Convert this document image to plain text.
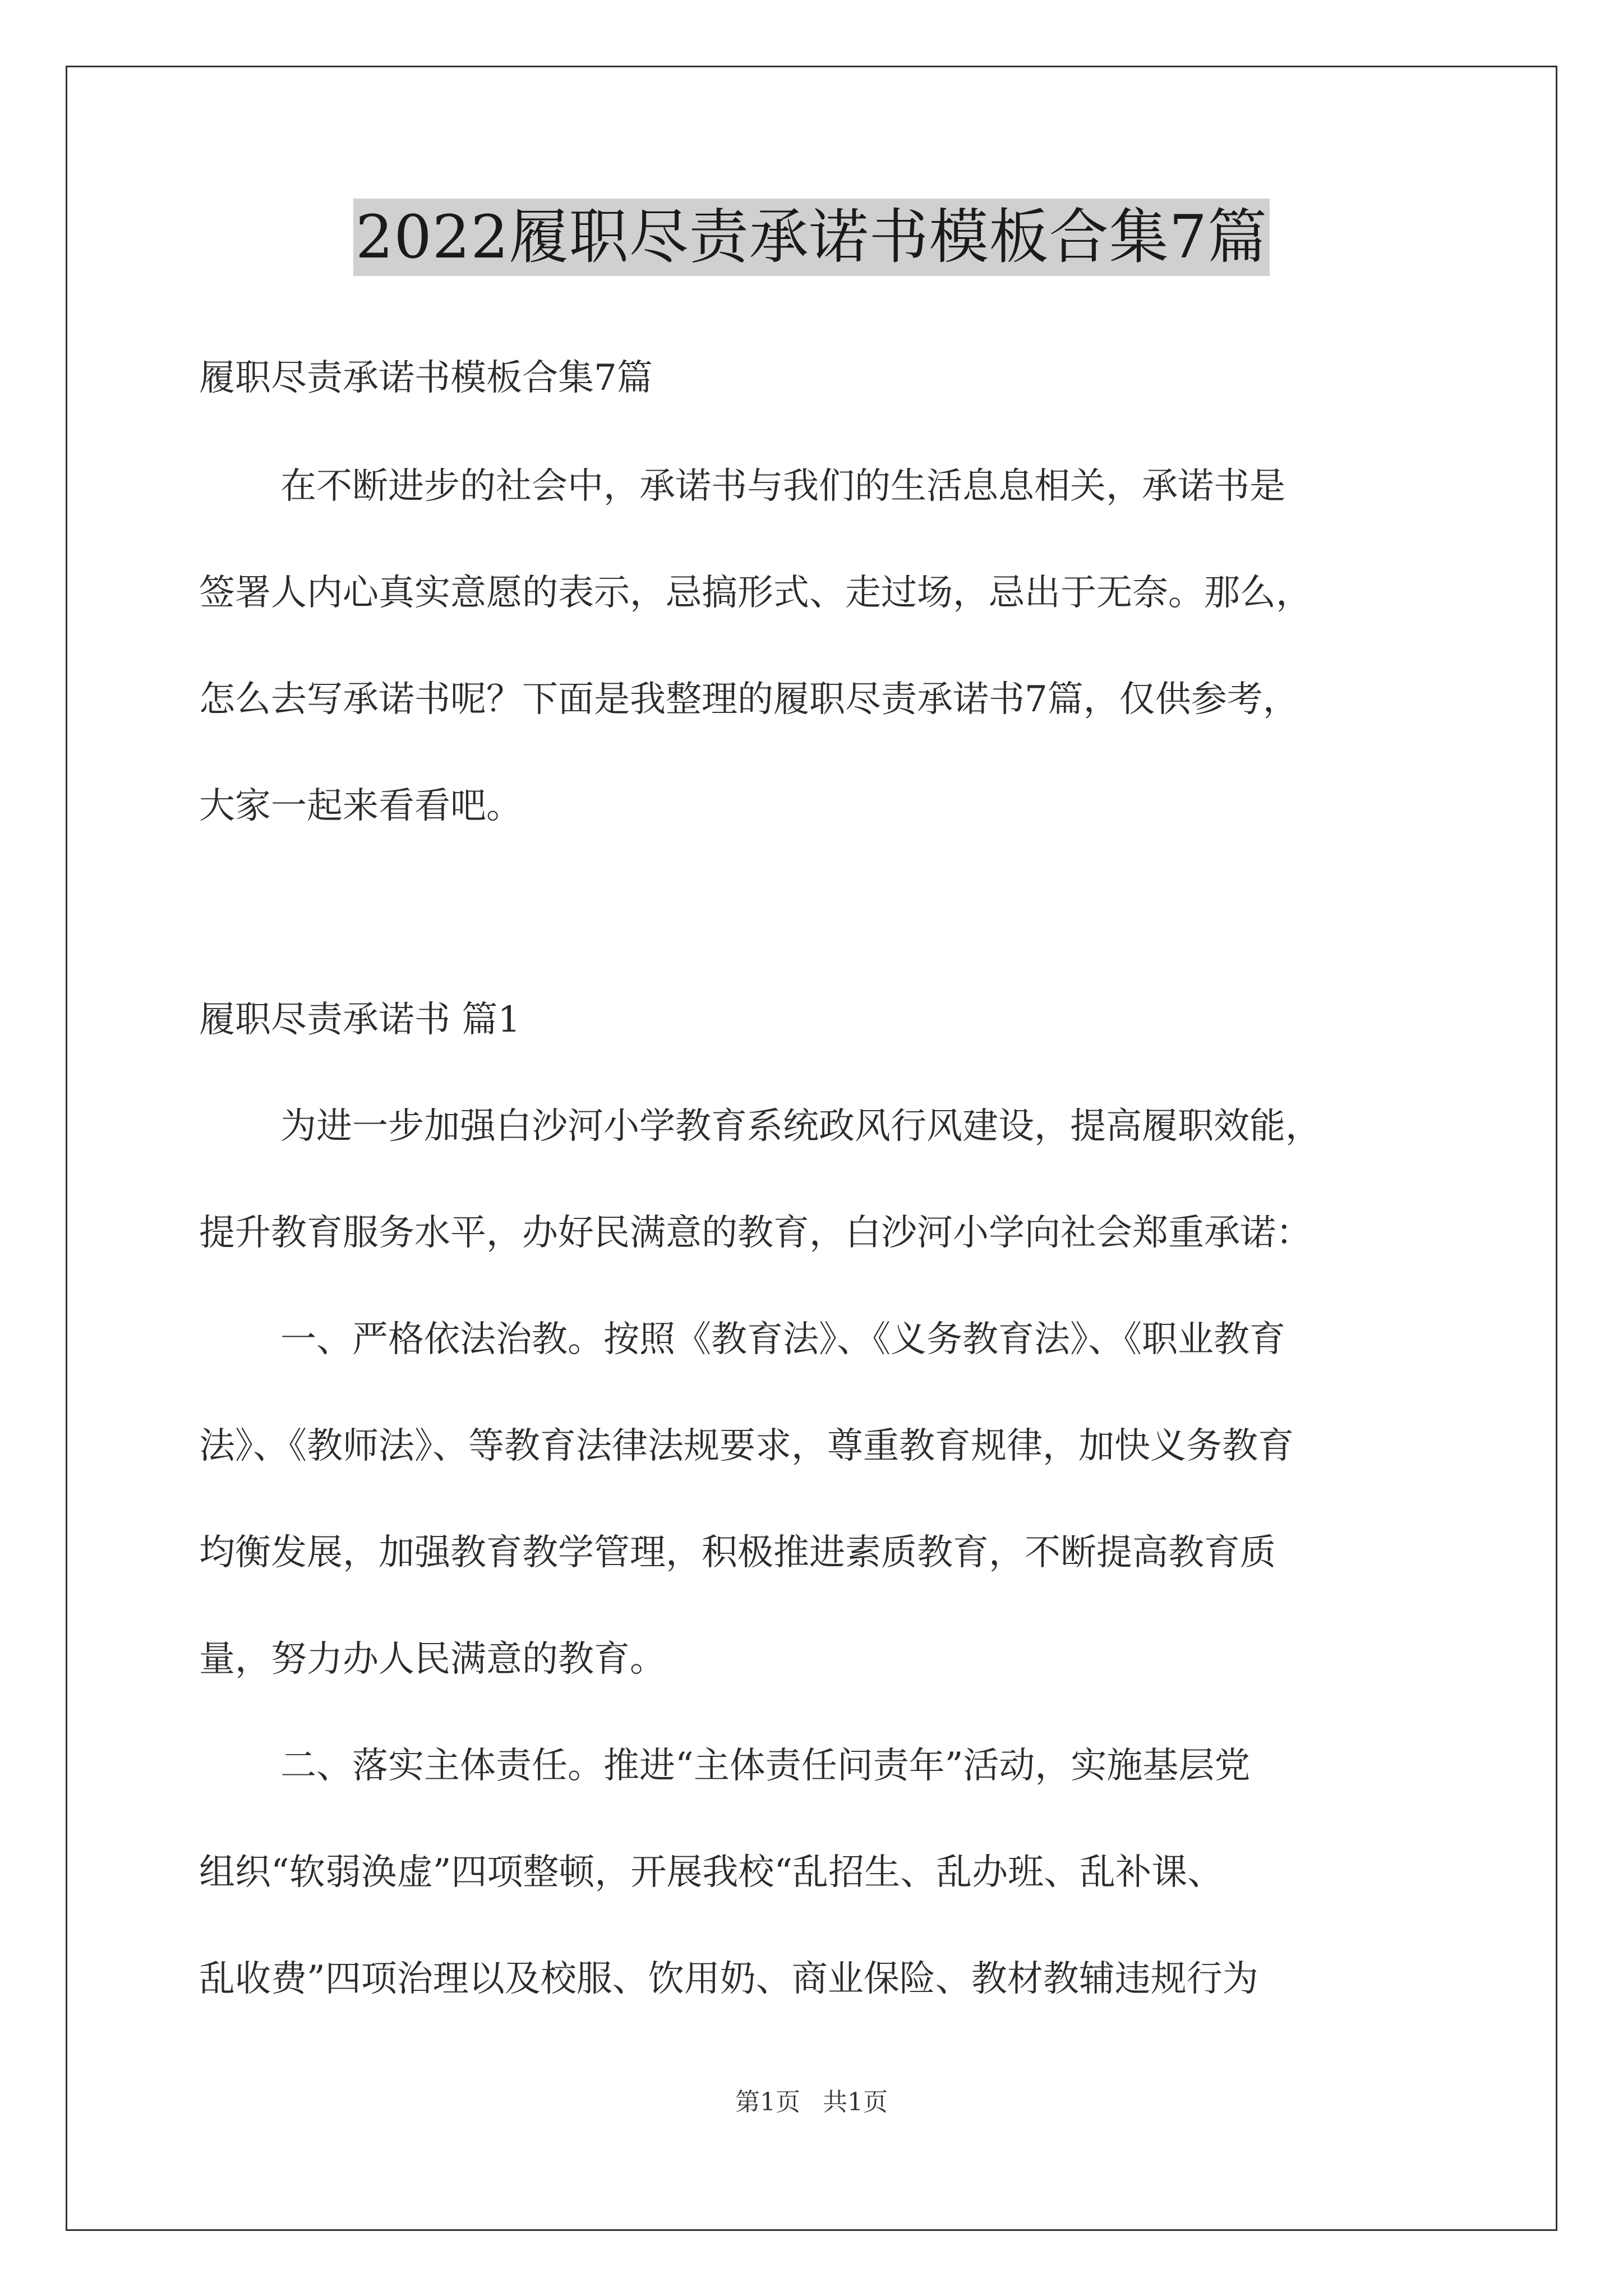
2022履职尽责承诺书模板合集7篇
履职尽责承诺书模板合集7篇
在不断进步的社会中，承诺书与我们的生活息息相关，承诺书是
签署人内心真实意愿的表示，忌搞形式、走过场，忌出于无奈。那么，
怎么去写承诺书呢？下面是我整理的履职尽责承诺书7篇，仅供参考，
大家一起来看看吧。
履职尽责承诺书 篇1
为进一步加强白沙河小学教育系统政风行风建设，提高履职效能，
提升教育服务水平，办好民满意的教育，白沙河小学向社会郑重承诺：
一、严格依法治教。按照《教育法》、《义务教育法》、《职业教育
法》、《教师法》、等教育法律法规要求，尊重教育规律，加快义务教育
均衡发展，加强教育教学管理，积极推进素质教育，不断提高教育质
量，努力办人民满意的教育。
二、落实主体责任。推进“主体责任问责年”活动，实施基层党
组织“软弱涣虚”四项整顿，开展我校“乱招生、乱办班、乱补课、
乱收费”四项治理以及校服、饮用奶、商业保险、教材教辅违规行为
第1页 共1页
